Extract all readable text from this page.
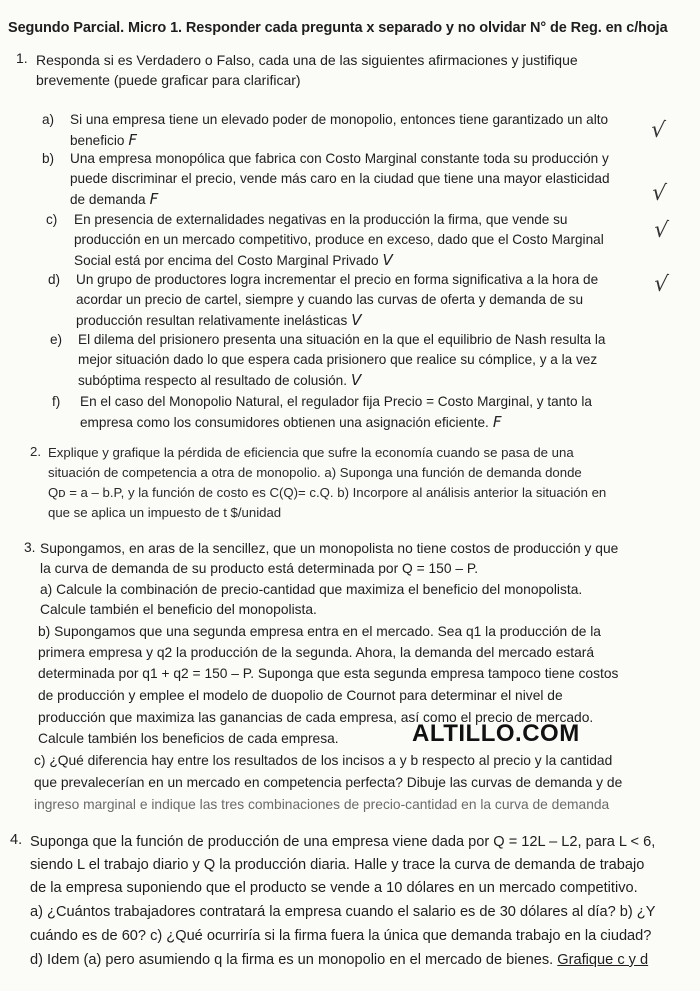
Segundo Parcial. Micro 1. Responder cada pregunta x separado y no olvidar N° de Reg. en c/hoja
1. Responda si es Verdadero o Falso, cada una de las siguientes afirmaciones y justifique
brevemente (puede graficar para clarificar)
a) Si una empresa tiene un elevado poder de monopolio, entonces tiene garantizado un alto
beneficio F	√
b) Una empresa monopólica que fabrica con Costo Marginal constante toda su producción y
puede discriminar el precio, vende más caro en la ciudad que tiene una mayor elasticidad
de demanda F	√
c) En presencia de externalidades negativas en la producción la firma, que vende su
producción en un mercado competitivo, produce en exceso, dado que el Costo Marginal
Social está por encima del Costo Marginal Privado V
√
d) Un grupo de productores logra incrementar el precio en forma significativa a la hora de
acordar un precio de cartel, siempre y cuando las curvas de oferta y demanda de su
producción resultan relativamente inelásticas V
√
e) El dilema del prisionero presenta una situación en la que el equilibrio de Nash resulta la
mejor situación dado lo que espera cada prisionero que realice su cómplice, y a la vez
subóptima respecto al resultado de colusión. V
f) En el caso del Monopolio Natural, el regulador fija Precio = Costo Marginal, y tanto la
empresa como los consumidores obtienen una asignación eficiente. F
2. Explique y grafique la pérdida de eficiencia que sufre la economía cuando se pasa de una
situación de competencia a otra de monopolio. a) Suponga una función de demanda donde
Qᴅ = a – b.P, y la función de costo es C(Q)= c.Q. b) Incorpore al análisis anterior la situación en
que se aplica un impuesto de t $/unidad
3. Supongamos, en aras de la sencillez, que un monopolista no tiene costos de producción y que
la curva de demanda de su producto está determinada por Q = 150 – P.
a) Calcule la combinación de precio-cantidad que maximiza el beneficio del monopolista.
Calcule también el beneficio del monopolista.
b) Supongamos que una segunda empresa entra en el mercado. Sea q1 la producción de la
primera empresa y q2 la producción de la segunda. Ahora, la demanda del mercado estará
determinada por q1 + q2 = 150 – P. Suponga que esta segunda empresa tampoco tiene costos
de producción y emplee el modelo de duopolio de Cournot para determinar el nivel de
producción que maximiza las ganancias de cada empresa, así como el precio de mercado.
Calcule también los beneficios de cada empresa.	ALTILLO.COM
c) ¿Qué diferencia hay entre los resultados de los incisos a y b respecto al precio y la cantidad
que prevalecerían en un mercado en competencia perfecta? Dibuje las curvas de demanda y de
ingreso marginal e indique las tres combinaciones de precio-cantidad en la curva de demanda
4. Suponga que la función de producción de una empresa viene dada por Q = 12L – L2, para L < 6,
siendo L el trabajo diario y Q la producción diaria. Halle y trace la curva de demanda de trabajo
de la empresa suponiendo que el producto se vende a 10 dólares en un mercado competitivo.
a) ¿Cuántos trabajadores contratará la empresa cuando el salario es de 30 dólares al día? b) ¿Y
cuándo es de 60? c) ¿Qué ocurriría si la firma fuera la única que demanda trabajo en la ciudad?
d) Idem (a) pero asumiendo q la firma es un monopolio en el mercado de bienes. Grafique c y d
